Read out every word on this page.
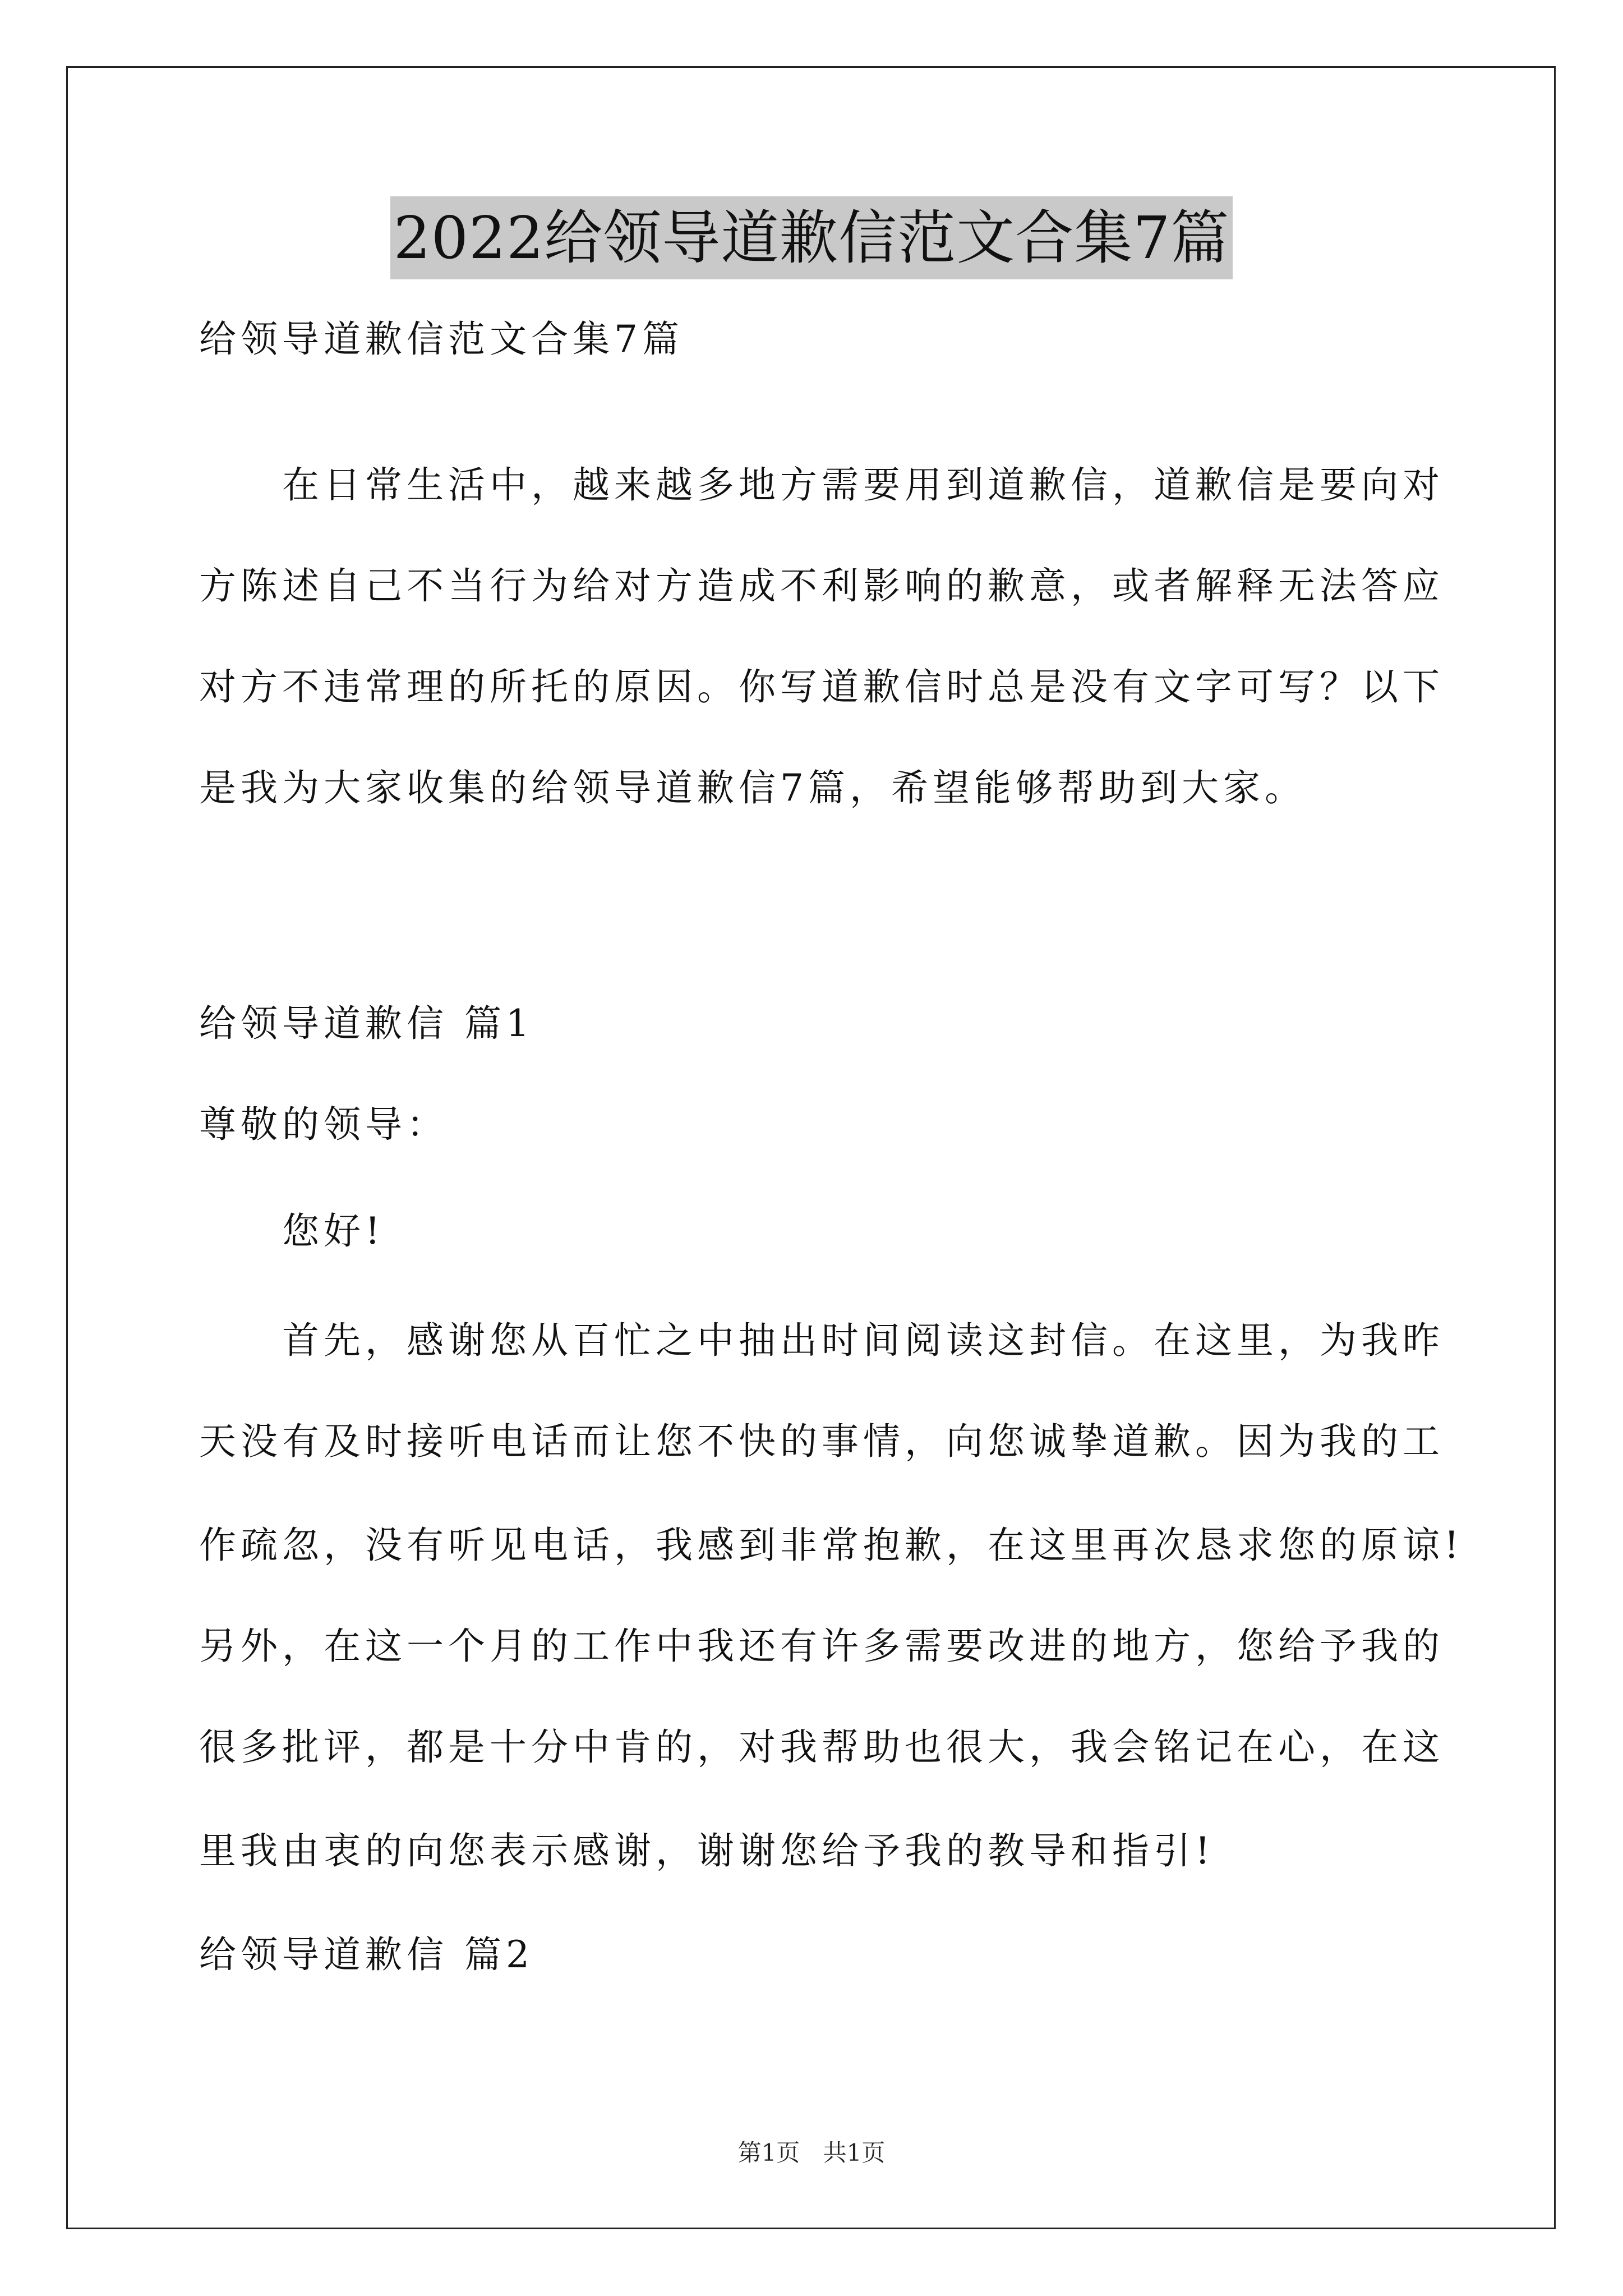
2022给领导道歉信范文合集7篇
给领导道歉信范文合集7篇
在日常生活中，越来越多地方需要用到道歉信，道歉信是要向对
方陈述自己不当行为给对方造成不利影响的歉意，或者解释无法答应
对方不违常理的所托的原因。你写道歉信时总是没有文字可写？以下
是我为大家收集的给领导道歉信7篇，希望能够帮助到大家。
给领导道歉信 篇1
尊敬的领导：
您好!
首先，感谢您从百忙之中抽出时间阅读这封信。在这里，为我昨
天没有及时接听电话而让您不快的事情，向您诚挚道歉。因为我的工
作疏忽，没有听见电话，我感到非常抱歉，在这里再次恳求您的原谅!
另外，在这一个月的工作中我还有许多需要改进的地方，您给予我的
很多批评，都是十分中肯的，对我帮助也很大，我会铭记在心，在这
里我由衷的向您表示感谢，谢谢您给予我的教导和指引!
给领导道歉信 篇2
第1页 共1页
